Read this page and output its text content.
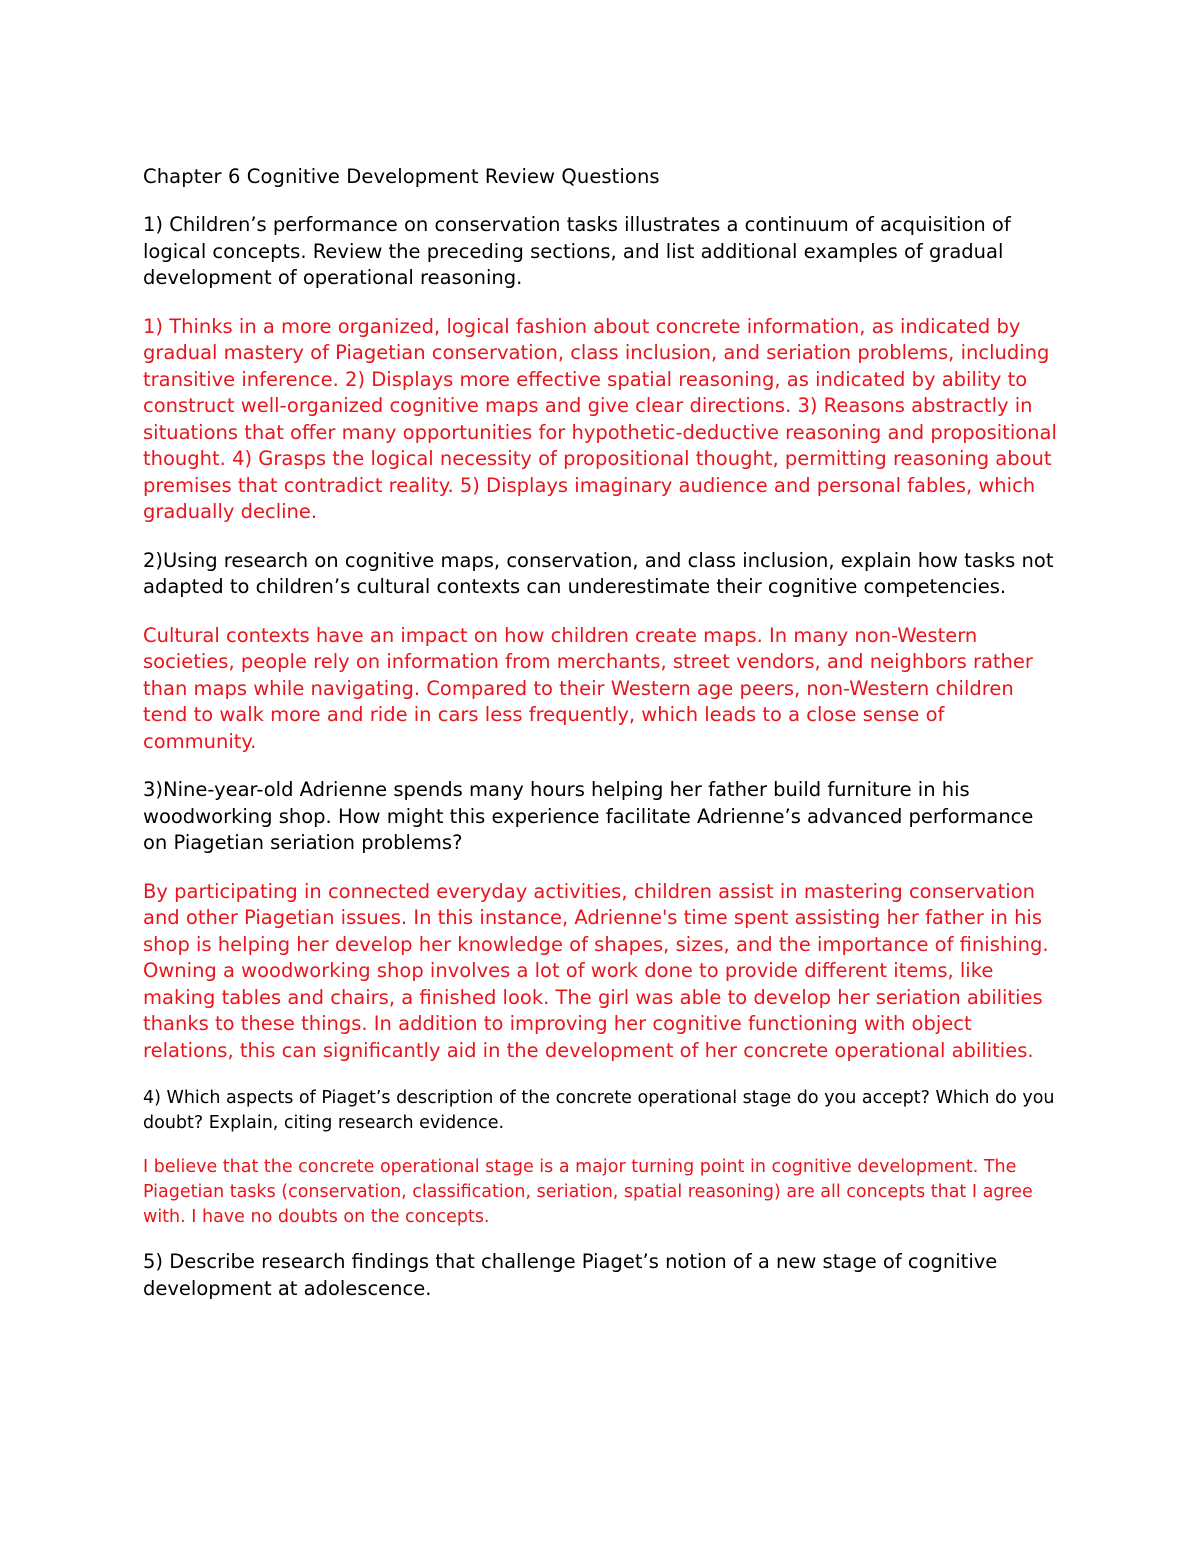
Chapter 6 Cognitive Development Review Questions
1) Children’s performance on conservation tasks illustrates a continuum of acquisition of logical concepts. Review the preceding sections, and list additional examples of gradual development of operational reasoning.
1) Thinks in a more organized, logical fashion about concrete information, as indicated by gradual mastery of Piagetian conservation, class inclusion, and seriation problems, including transitive inference. 2) Displays more effective spatial reasoning, as indicated by ability to construct well-organized cognitive maps and give clear directions. 3) Reasons abstractly in situations that offer many opportunities for hypothetic-deductive reasoning and propositional thought. 4) Grasps the logical necessity of propositional thought, permitting reasoning about premises that contradict reality. 5) Displays imaginary audience and personal fables, which gradually decline.
2)Using research on cognitive maps, conservation, and class inclusion, explain how tasks not adapted to children’s cultural contexts can underestimate their cognitive competencies.
Cultural contexts have an impact on how children create maps. In many non-Western societies, people rely on information from merchants, street vendors, and neighbors rather than maps while navigating. Compared to their Western age peers, non-Western children tend to walk more and ride in cars less frequently, which leads to a close sense of community.
3)Nine-year-old Adrienne spends many hours helping her father build furniture in his woodworking shop. How might this experience facilitate Adrienne’s advanced performance on Piagetian seriation problems?
By participating in connected everyday activities, children assist in mastering conservation and other Piagetian issues. In this instance, Adrienne's time spent assisting her father in his shop is helping her develop her knowledge of shapes, sizes, and the importance of finishing. Owning a woodworking shop involves a lot of work done to provide different items, like making tables and chairs, a finished look. The girl was able to develop her seriation abilities thanks to these things. In addition to improving her cognitive functioning with object relations, this can significantly aid in the development of her concrete operational abilities.
4) Which aspects of Piaget’s description of the concrete operational stage do you accept? Which do you doubt? Explain, citing research evidence.
I believe that the concrete operational stage is a major turning point in cognitive development. The Piagetian tasks (conservation, classification, seriation, spatial reasoning) are all concepts that I agree with. I have no doubts on the concepts.
5) Describe research findings that challenge Piaget’s notion of a new stage of cognitive development at adolescence.
